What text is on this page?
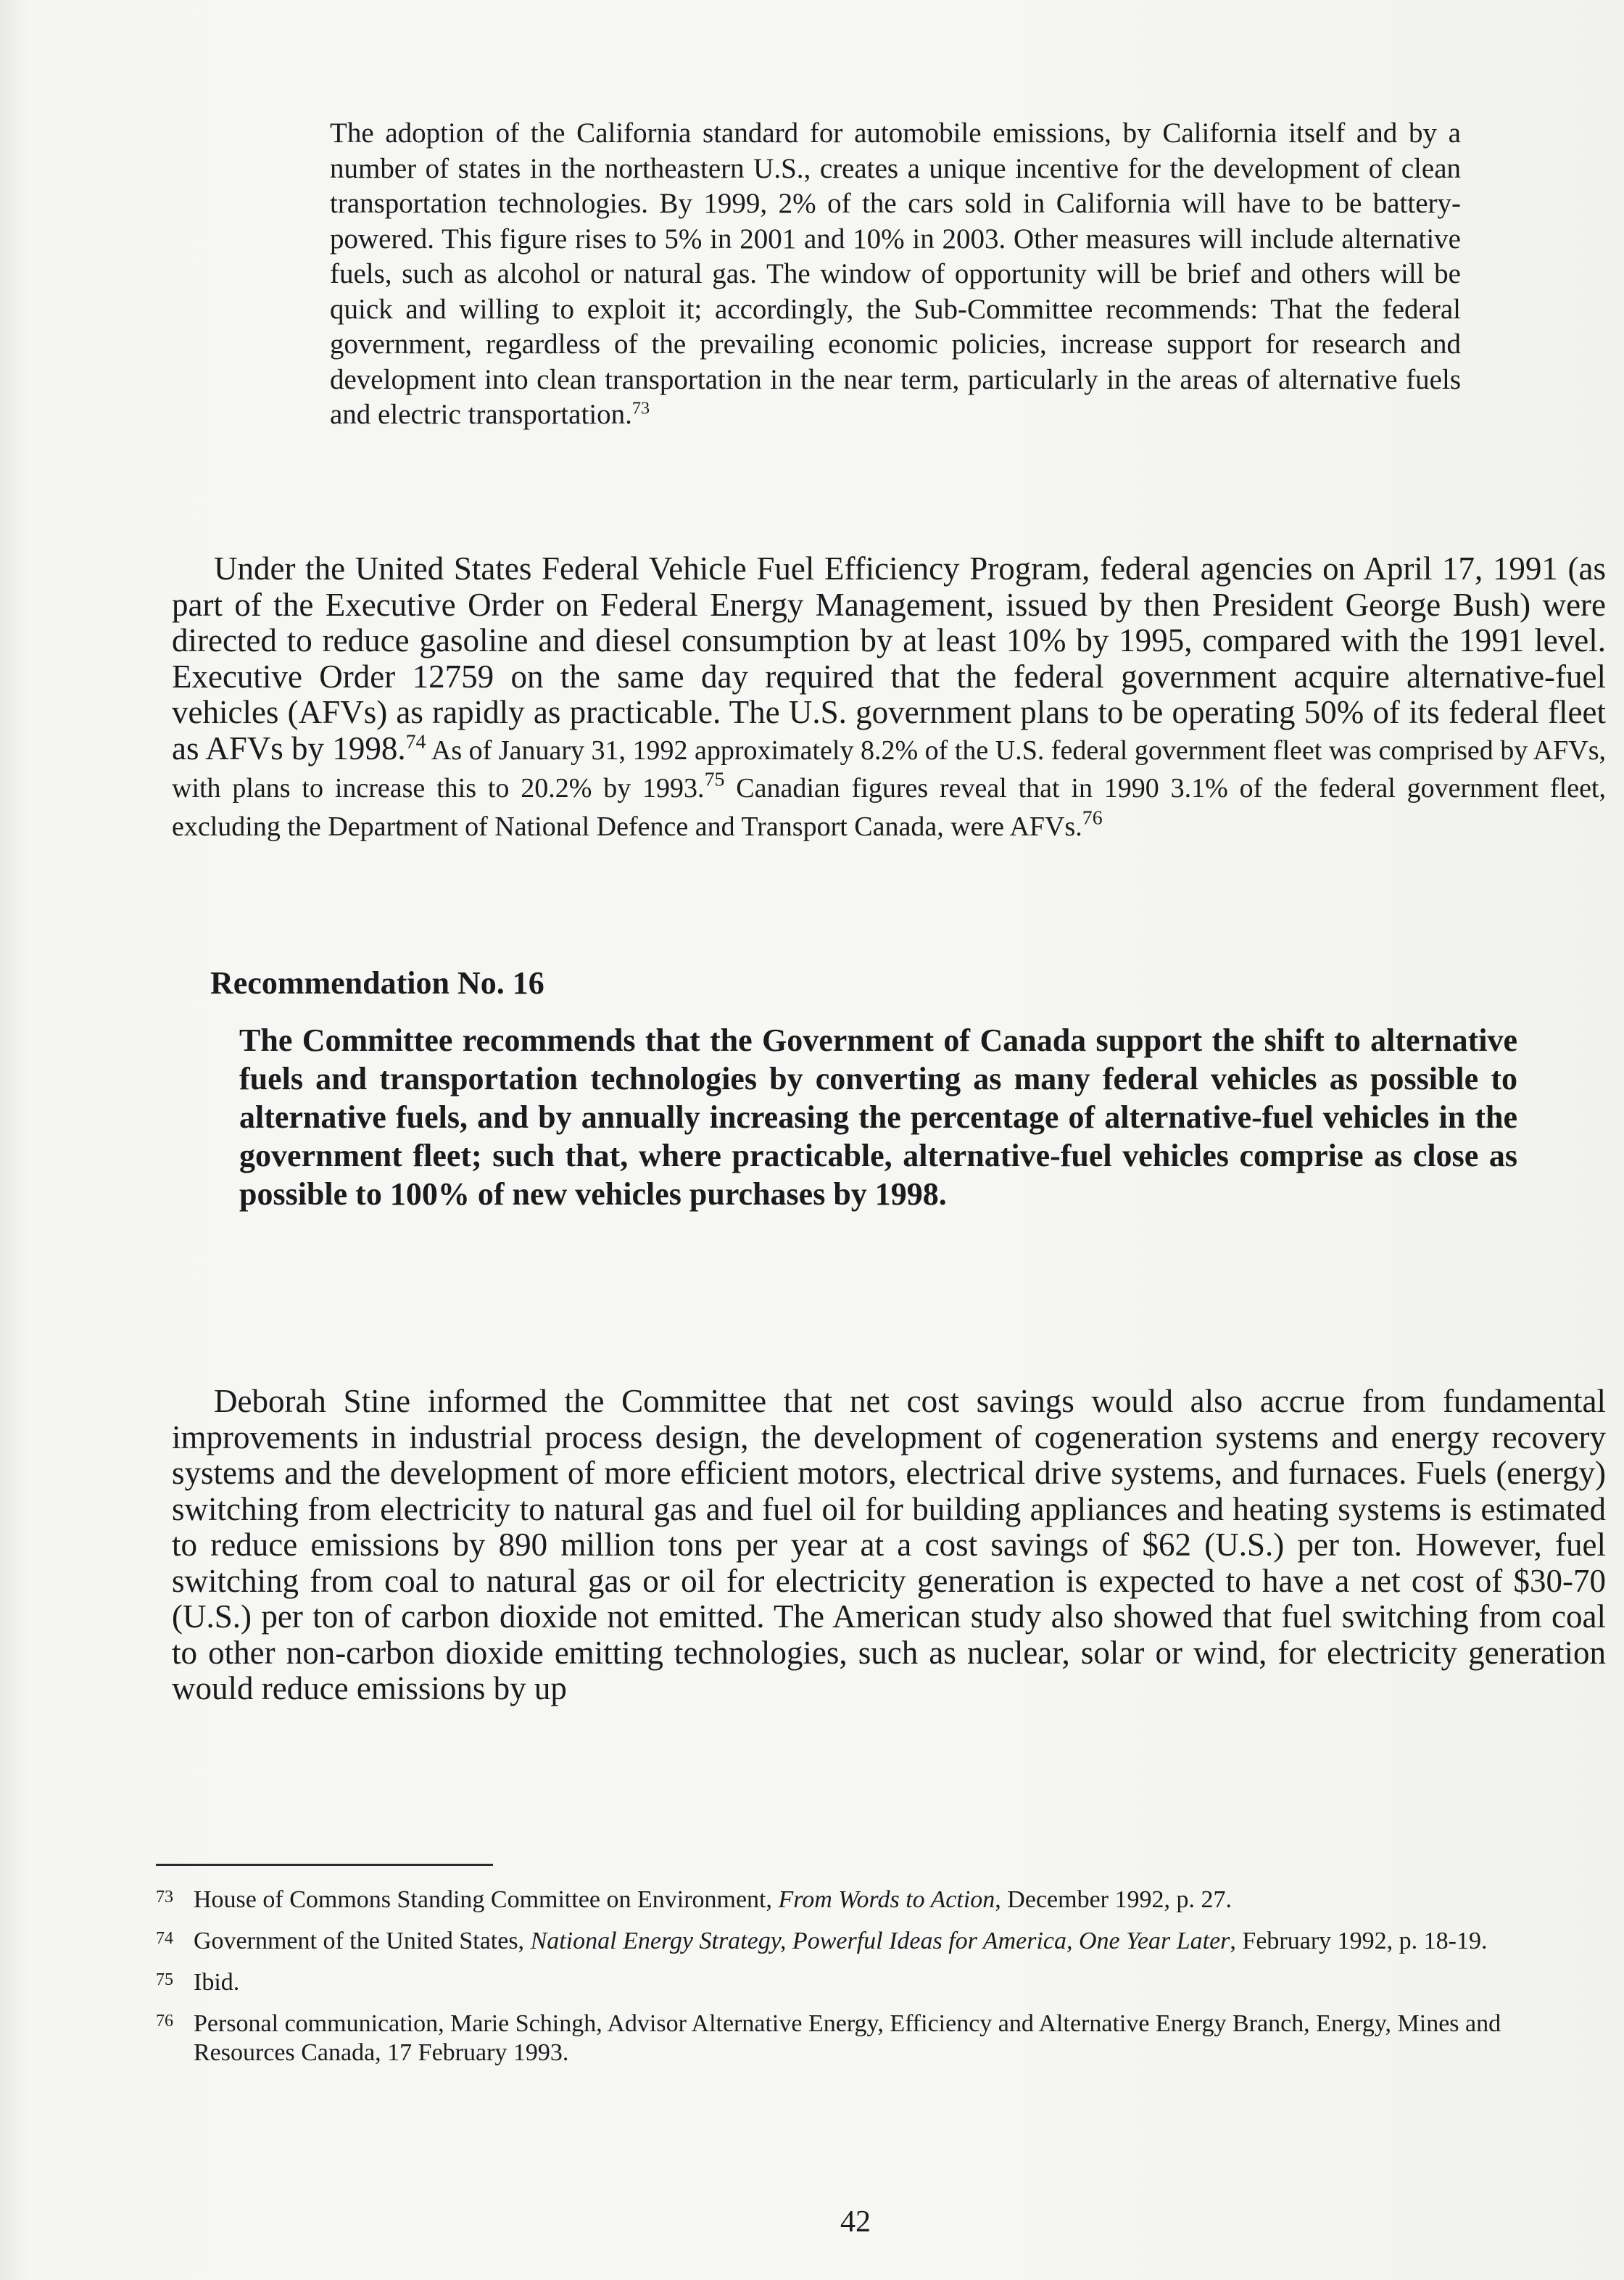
The adoption of the California standard for automobile emissions, by California itself and by a number of states in the northeastern U.S., creates a unique incentive for the development of clean transportation technologies. By 1999, 2% of the cars sold in California will have to be battery-powered. This figure rises to 5% in 2001 and 10% in 2003. Other measures will include alternative fuels, such as alcohol or natural gas. The window of opportunity will be brief and others will be quick and willing to exploit it; accordingly, the Sub-Committee recommends: That the federal government, regardless of the prevailing economic policies, increase support for research and development into clean transportation in the near term, particularly in the areas of alternative fuels and electric transportation.$^{73}$
Under the United States Federal Vehicle Fuel Efficiency Program, federal agencies on April 17, 1991 (as part of the Executive Order on Federal Energy Management, issued by then President George Bush) were directed to reduce gasoline and diesel consumption by at least 10% by 1995, compared with the 1991 level. Executive Order 12759 on the same day required that the federal government acquire alternative-fuel vehicles (AFVs) as rapidly as practicable. The U.S. government plans to be operating 50% of its federal fleet as AFVs by 1998.74 As of January 31, 1992 approximately 8.2% of the U.S. federal government fleet was comprised by AFVs, with plans to increase this to 20.2% by 1993.75 Canadian figures reveal that in 1990 3.1% of the federal government fleet, excluding the Department of National Defence and Transport Canada, were AFVs.$^{76}$
Recommendation No. 16
The Committee recommends that the Government of Canada support the shift to alternative fuels and transportation technologies by converting as many federal vehicles as possible to alternative fuels, and by annually increasing the percentage of alternative-fuel vehicles in the government fleet; such that, where practicable, alternative-fuel vehicles comprise as close as possible to 100% of new vehicles purchases by 1998.
Deborah Stine informed the Committee that net cost savings would also accrue from fundamental improvements in industrial process design, the development of cogeneration systems and energy recovery systems and the development of more efficient motors, electrical drive systems, and furnaces. Fuels (energy) switching from electricity to natural gas and fuel oil for building appliances and heating systems is estimated to reduce emissions by 890 million tons per year at a cost savings of $62 (U.S.) per ton. However, fuel switching from coal to natural gas or oil for electricity generation is expected to have a net cost of $30-70 (U.S.) per ton of carbon dioxide not emitted. The American study also showed that fuel switching from coal to other non-carbon dioxide emitting technologies, such as nuclear, solar or wind, for electricity generation would reduce emissions by up
73 House of Commons Standing Committee on Environment, From Words to Action, December 1992, p. 27.
74 Government of the United States, National Energy Strategy, Powerful Ideas for America, One Year Later, February 1992, p. 18-19.
75 Ibid.
76 Personal communication, Marie Schingh, Advisor Alternative Energy, Efficiency and Alternative Energy Branch, Energy, Mines and Resources Canada, 17 February 1993.
42
